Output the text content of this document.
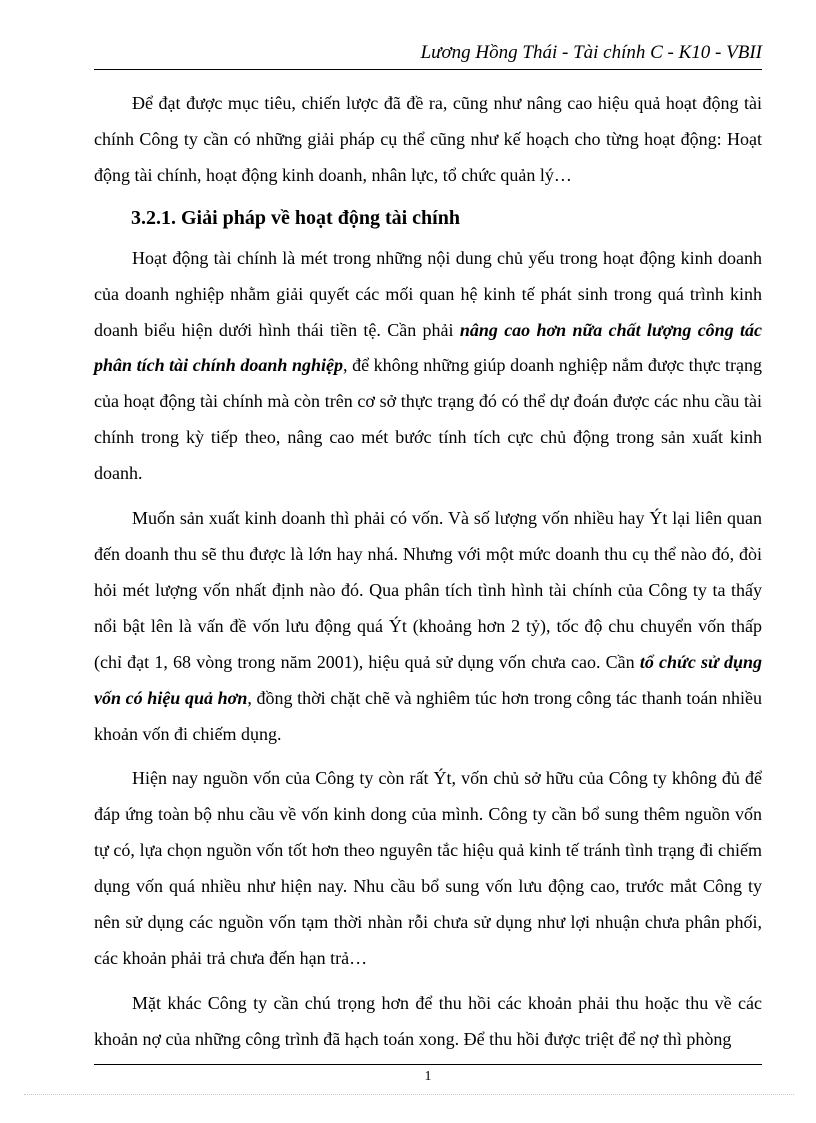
Lương Hồng Thái - Tài chính C - K10 - VBII

Để đạt được mục tiêu, chiến lược đã đề ra, cũng như nâng cao hiệu quả hoạt động tài chính Công ty cần có những giải pháp cụ thể cũng như kế hoạch cho từng hoạt động: Hoạt động tài chính, hoạt động kinh doanh, nhân lực, tổ chức quản lý…

3.2.1. Giải pháp về hoạt động tài chính

Hoạt động tài chính là mét trong những nội dung chủ yếu trong hoạt động kinh doanh của doanh nghiệp nhằm giải quyết các mối quan hệ kinh tế phát sinh trong quá trình kinh doanh biểu hiện dưới hình thái tiền tệ. Cần phải nâng cao hơn nữa chất lượng công tác phân tích tài chính doanh nghiệp, để không những giúp doanh nghiệp nắm được thực trạng của hoạt động tài chính mà còn trên cơ sở thực trạng đó có thể dự đoán được các nhu cầu tài chính trong kỳ tiếp theo, nâng cao mét bước tính tích cực chủ động trong sản xuất kinh doanh.

Muốn sản xuất kinh doanh thì phải có vốn. Và số lượng vốn nhiều hay Ýt lại liên quan đến doanh thu sẽ thu được là lớn hay nhá. Nhưng với một mức doanh thu cụ thể nào đó, đòi hỏi mét lượng vốn nhất định nào đó. Qua phân tích tình hình tài chính của Công ty ta thấy nổi bật lên là vấn đề vốn lưu động quá Ýt (khoảng hơn 2 tỷ), tốc độ chu chuyển vốn thấp (chỉ đạt 1, 68 vòng trong năm 2001), hiệu quả sử dụng vốn chưa cao. Cần tổ chức sử dụng vốn có hiệu quả hơn, đồng thời chặt chẽ và nghiêm túc hơn trong công tác thanh toán nhiều khoản vốn đi chiếm dụng.

Hiện nay nguồn vốn của Công ty còn rất Ýt, vốn chủ sở hữu của Công ty không đủ để đáp ứng toàn bộ nhu cầu về vốn kinh dong của mình. Công ty cần bổ sung thêm nguồn vốn tự có, lựa chọn nguồn vốn tốt hơn theo nguyên tắc hiệu quả kinh tế tránh tình trạng đi chiếm dụng vốn quá nhiều như hiện nay. Nhu cầu bổ sung vốn lưu động cao, trước mắt Công ty nên sử dụng các nguồn vốn tạm thời nhàn rỗi chưa sử dụng như lợi nhuận chưa phân phối, các khoản phải trả chưa đến hạn trả…

Mặt khác Công ty cần chú trọng hơn để thu hồi các khoản phải thu hoặc thu về các khoản nợ của những công trình đã hạch toán xong. Để thu hồi được triệt để nợ thì phòng

1
